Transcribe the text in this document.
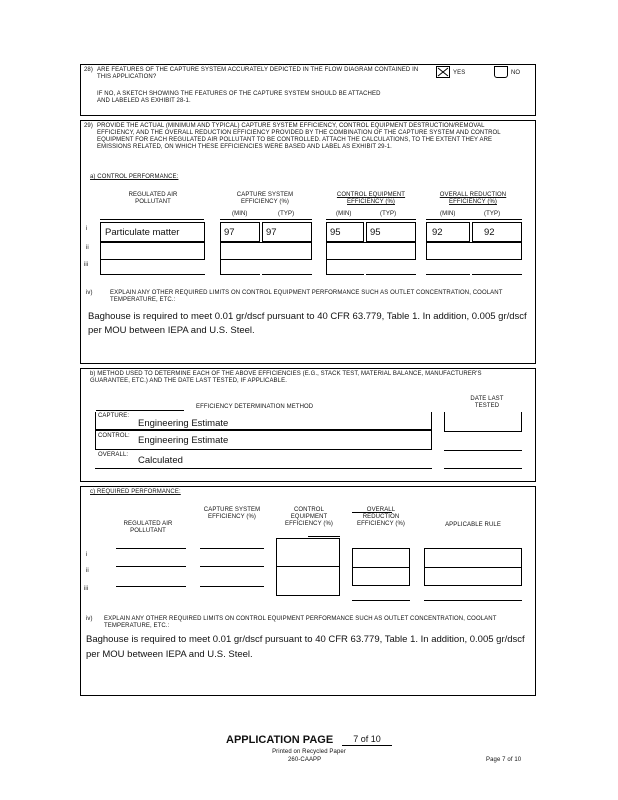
28) ARE FEATURES OF THE CAPTURE SYSTEM ACCURATELY DEPICTED IN THE FLOW DIAGRAM CONTAINED IN THIS APPLICATION?
YES	NO
IF NO, A SKETCH SHOWING THE FEATURES OF THE CAPTURE SYSTEM SHOULD BE ATTACHED AND LABELED AS EXHIBIT 28-1.
29) PROVIDE THE ACTUAL (MINIMUM AND TYPICAL) CAPTURE SYSTEM EFFICIENCY, CONTROL EQUIPMENT DESTRUCTION/REMOVAL EFFICIENCY, AND THE OVERALL REDUCTION EFFICIENCY PROVIDED BY THE COMBINATION OF THE CAPTURE SYSTEM AND CONTROL EQUIPMENT FOR EACH REGULATED AIR POLLUTANT TO BE CONTROLLED. ATTACH THE CALCULATIONS, TO THE EXTENT THEY ARE EMISSIONS RELATED, ON WHICH THESE EFFICIENCIES WERE BASED AND LABEL AS EXHIBIT 29-1.
a) CONTROL PERFORMANCE:
REGULATED AIR POLLUTANT
CAPTURE SYSTEM EFFICIENCY (%)
CONTROL EQUIPMENT EFFICIENCY (%)
OVERALL REDUCTION EFFICIENCY (%)
(MIN)	(TYP)	(MIN)	(TYP)	(MIN)	(TYP)
i Particulate matter	97	97	95	95	92	92
ii
iii
iv)	EXPLAIN ANY OTHER REQUIRED LIMITS ON CONTROL EQUIPMENT PERFORMANCE SUCH AS OUTLET CONCENTRATION, COOLANT TEMPERATURE, ETC.:
Baghouse is required to meet 0.01 gr/dscf pursuant to 40 CFR 63.779, Table 1. In addition, 0.005 gr/dscf per MOU between IEPA and U.S. Steel.
b) METHOD USED TO DETERMINE EACH OF THE ABOVE EFFICIENCIES (E.G., STACK TEST, MATERIAL BALANCE, MANUFACTURER'S GUARANTEE, ETC.) AND THE DATE LAST TESTED, IF APPLICABLE.
DATE LAST TESTED
EFFICIENCY DETERMINATION METHOD
CAPTURE:
Engineering Estimate
CONTROL: Engineering Estimate
OVERALL: Calculated
c) REQUIRED PERFORMANCE:
REGULATED AIR POLLUTANT
CAPTURE SYSTEM EFFICIENCY (%)
CONTROL EQUIPMENT EFFICIENCY (%)
OVERALL REDUCTION EFFICIENCY (%)	APPLICABLE RULE
i
ii
iii
iv) EXPLAIN ANY OTHER REQUIRED LIMITS ON CONTROL EQUIPMENT PERFORMANCE SUCH AS OUTLET CONCENTRATION, COOLANT TEMPERATURE, ETC.:
Baghouse is required to meet 0.01 gr/dscf pursuant to 40 CFR 63.779, Table 1. In addition, 0.005 gr/dscf per MOU between IEPA and U.S. Steel.
APPLICATION PAGE	7 of 10
Printed on Recycled Paper
260-CAAPP	Page 7 of 10
